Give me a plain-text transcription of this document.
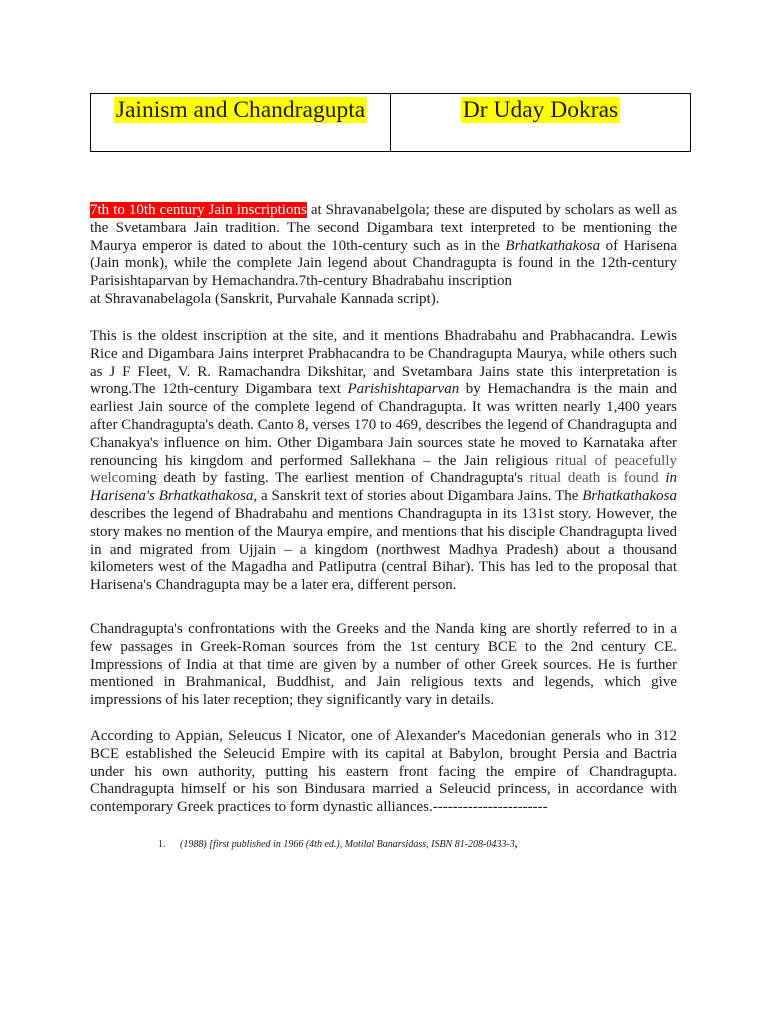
Jainism and Chandragupta	Dr Uday Dokras
7th to 10th century Jain inscriptions at Shravanabelgola; these are disputed by scholars as well as the Svetambara Jain tradition. The second Digambara text interpreted to be mentioning the Maurya emperor is dated to about the 10th-century such as in the Brhatkathakosa of Harisena (Jain monk), while the complete Jain legend about Chandragupta is found in the 12th-century Parisishtaparvan by Hemachandra.7th-century Bhadrabahu inscription
at Shravanabelagola (Sanskrit, Purvahale Kannada script).
This is the oldest inscription at the site, and it mentions Bhadrabahu and Prabhacandra. Lewis Rice and Digambara Jains interpret Prabhacandra to be Chandragupta Maurya, while others such as J F Fleet, V. R. Ramachandra Dikshitar, and Svetambara Jains state this interpretation is wrong.The 12th-century Digambara text Parishishtaparvan by Hemachandra is the main and earliest Jain source of the complete legend of Chandragupta. It was written nearly 1,400 years after Chandragupta's death. Canto 8, verses 170 to 469, describes the legend of Chandragupta and Chanakya's influence on him. Other Digambara Jain sources state he moved to Karnataka after renouncing his kingdom and performed Sallekhana – the Jain religious ritual of peacefully welcoming death by fasting. The earliest mention of Chandragupta's ritual death is found in Harisena's Brhatkathakosa, a Sanskrit text of stories about Digambara Jains. The Brhatkathakosa describes the legend of Bhadrabahu and mentions Chandragupta in its 131st story. However, the story makes no mention of the Maurya empire, and mentions that his disciple Chandragupta lived in and migrated from Ujjain – a kingdom (northwest Madhya Pradesh) about a thousand kilometers west of the Magadha and Patliputra (central Bihar). This has led to the proposal that Harisena's Chandragupta may be a later era, different person.
Chandragupta's confrontations with the Greeks and the Nanda king are shortly referred to in a few passages in Greek-Roman sources from the 1st century BCE to the 2nd century CE. Impressions of India at that time are given by a number of other Greek sources. He is further mentioned in Brahmanical, Buddhist, and Jain religious texts and legends, which give impressions of his later reception; they significantly vary in details.
According to Appian, Seleucus I Nicator, one of Alexander's Macedonian generals who in 312 BCE established the Seleucid Empire with its capital at Babylon, brought Persia and Bactria under his own authority, putting his eastern front facing the empire of Chandragupta. Chandragupta himself or his son Bindusara married a Seleucid princess, in accordance with contemporary Greek practices to form dynastic alliances.-----------------------
1. (1988) [first published in 1966 (4th ed.), Motilal Banarsidass, ISBN 81-208-0433-3,
